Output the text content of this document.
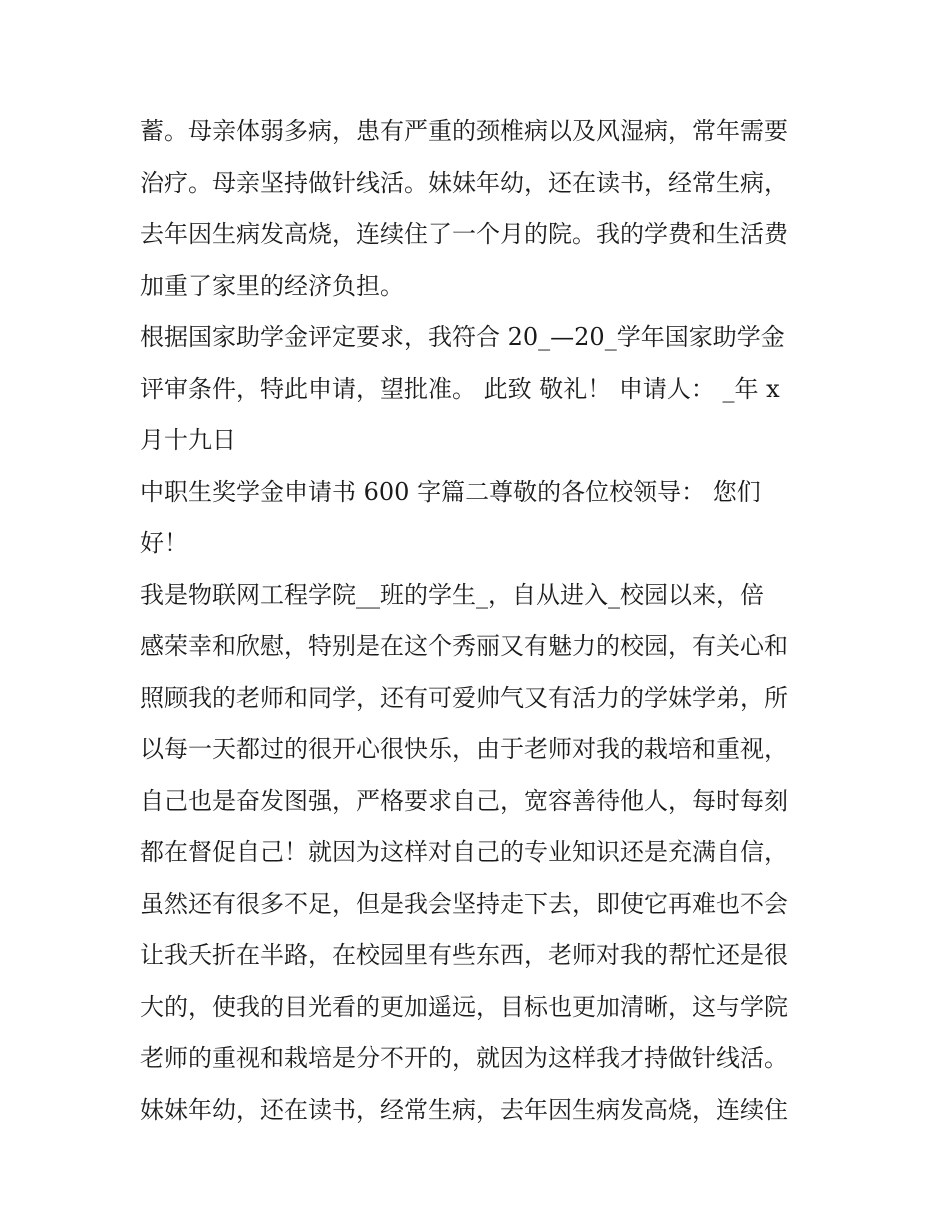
蓄。母亲体弱多病，患有严重的颈椎病以及风湿病，常年需要
治疗。母亲坚持做针线活。妹妹年幼，还在读书，经常生病，
去年因生病发高烧，连续住了一个月的院。我的学费和生活费
加重了家里的经济负担。
根据国家助学金评定要求，我符合 20_—20_学年国家助学金
评审条件，特此申请，望批准。 此致 敬礼！ 申请人： _年 x
月十九日
中职生奖学金申请书 600 字篇二尊敬的各位校领导： 您们
好！
我是物联网工程学院__班的学生_，自从进入_校园以来，倍
感荣幸和欣慰，特别是在这个秀丽又有魅力的校园，有关心和
照顾我的老师和同学，还有可爱帅气又有活力的学妹学弟，所
以每一天都过的很开心很快乐，由于老师对我的栽培和重视，
自己也是奋发图强，严格要求自己，宽容善待他人，每时每刻
都在督促自己！就因为这样对自己的专业知识还是充满自信，
虽然还有很多不足，但是我会坚持走下去，即使它再难也不会
让我夭折在半路，在校园里有些东西，老师对我的帮忙还是很
大的，使我的目光看的更加遥远，目标也更加清晰，这与学院
老师的重视和栽培是分不开的，就因为这样我才持做针线活。
妹妹年幼，还在读书，经常生病，去年因生病发高烧，连续住
